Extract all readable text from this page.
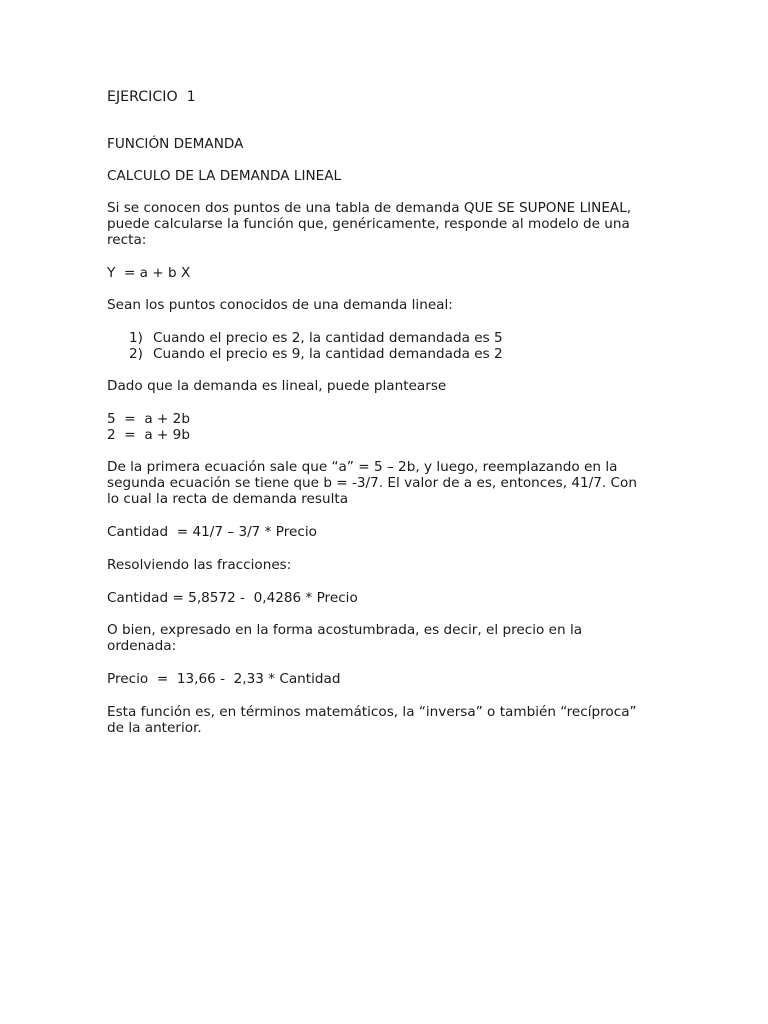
EJERCICIO  1
FUNCIÓN DEMANDA
CALCULO DE LA DEMANDA LINEAL
Si se conocen dos puntos de una tabla de demanda QUE SE SUPONE LINEAL,
puede calcularse la función que, genéricamente, responde al modelo de una
recta:
Y  = a + b X
Sean los puntos conocidos de una demanda lineal:
1) Cuando el precio es 2, la cantidad demandada es 5
2) Cuando el precio es 9, la cantidad demandada es 2
Dado que la demanda es lineal, puede plantearse
5  =  a + 2b
2  =  a + 9b
De la primera ecuación sale que “a” = 5 – 2b, y luego, reemplazando en la
segunda ecuación se tiene que b = -3/7. El valor de a es, entonces, 41/7. Con
lo cual la recta de demanda resulta
Cantidad  = 41/7 – 3/7 * Precio
Resolviendo las fracciones:
Cantidad = 5,8572 -  0,4286 * Precio
O bien, expresado en la forma acostumbrada, es decir, el precio en la
ordenada:
Precio  =  13,66 -  2,33 * Cantidad
Esta función es, en términos matemáticos, la “inversa” o también “recíproca”
de la anterior.
